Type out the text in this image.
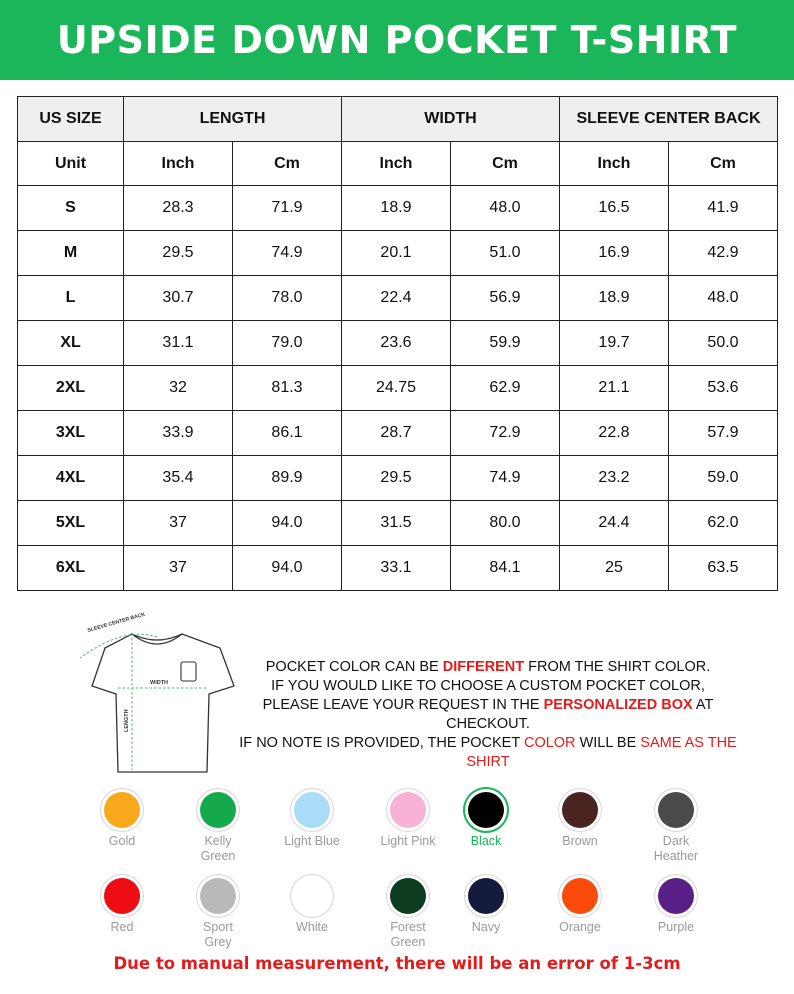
UPSIDE DOWN POCKET T-SHIRT
US SIZE	LENGTH		WIDTH		SLEEVE CENTER BACK	
Unit	Inch	Cm	Inch	Cm	Inch	Cm
S	28.3	71.9	18.9	48.0	16.5	41.9
M	29.5	74.9	20.1	51.0	16.9	42.9
L	30.7	78.0	22.4	56.9	18.9	48.0
XL	31.1	79.0	23.6	59.9	19.7	50.0
2XL	32	81.3	24.75	62.9	21.1	53.6
3XL	33.9	86.1	28.7	72.9	22.8	57.9
4XL	35.4	89.9	29.5	74.9	23.2	59.0
5XL	37	94.0	31.5	80.0	24.4	62.0
6XL	37	94.0	33.1	84.1	25	63.5
SLEEVE CENTER BACK
WIDTH
LENGTH
POCKET COLOR CAN BE DIFFERENT FROM THE SHIRT COLOR.
IF YOU WOULD LIKE TO CHOOSE A CUSTOM POCKET COLOR,
PLEASE LEAVE YOUR REQUEST IN THE PERSONALIZED BOX AT CHECKOUT.
IF NO NOTE IS PROVIDED, THE POCKET COLOR WILL BE SAME AS THE SHIRT
Gold	Kelly Green
Light Blue	Light Pink	Black	Brown	Dark Heather
Red	Sport Grey
White	Forest Green
Navy	Orange	Purple
Due to manual measurement, there will be an error of 1-3cm
